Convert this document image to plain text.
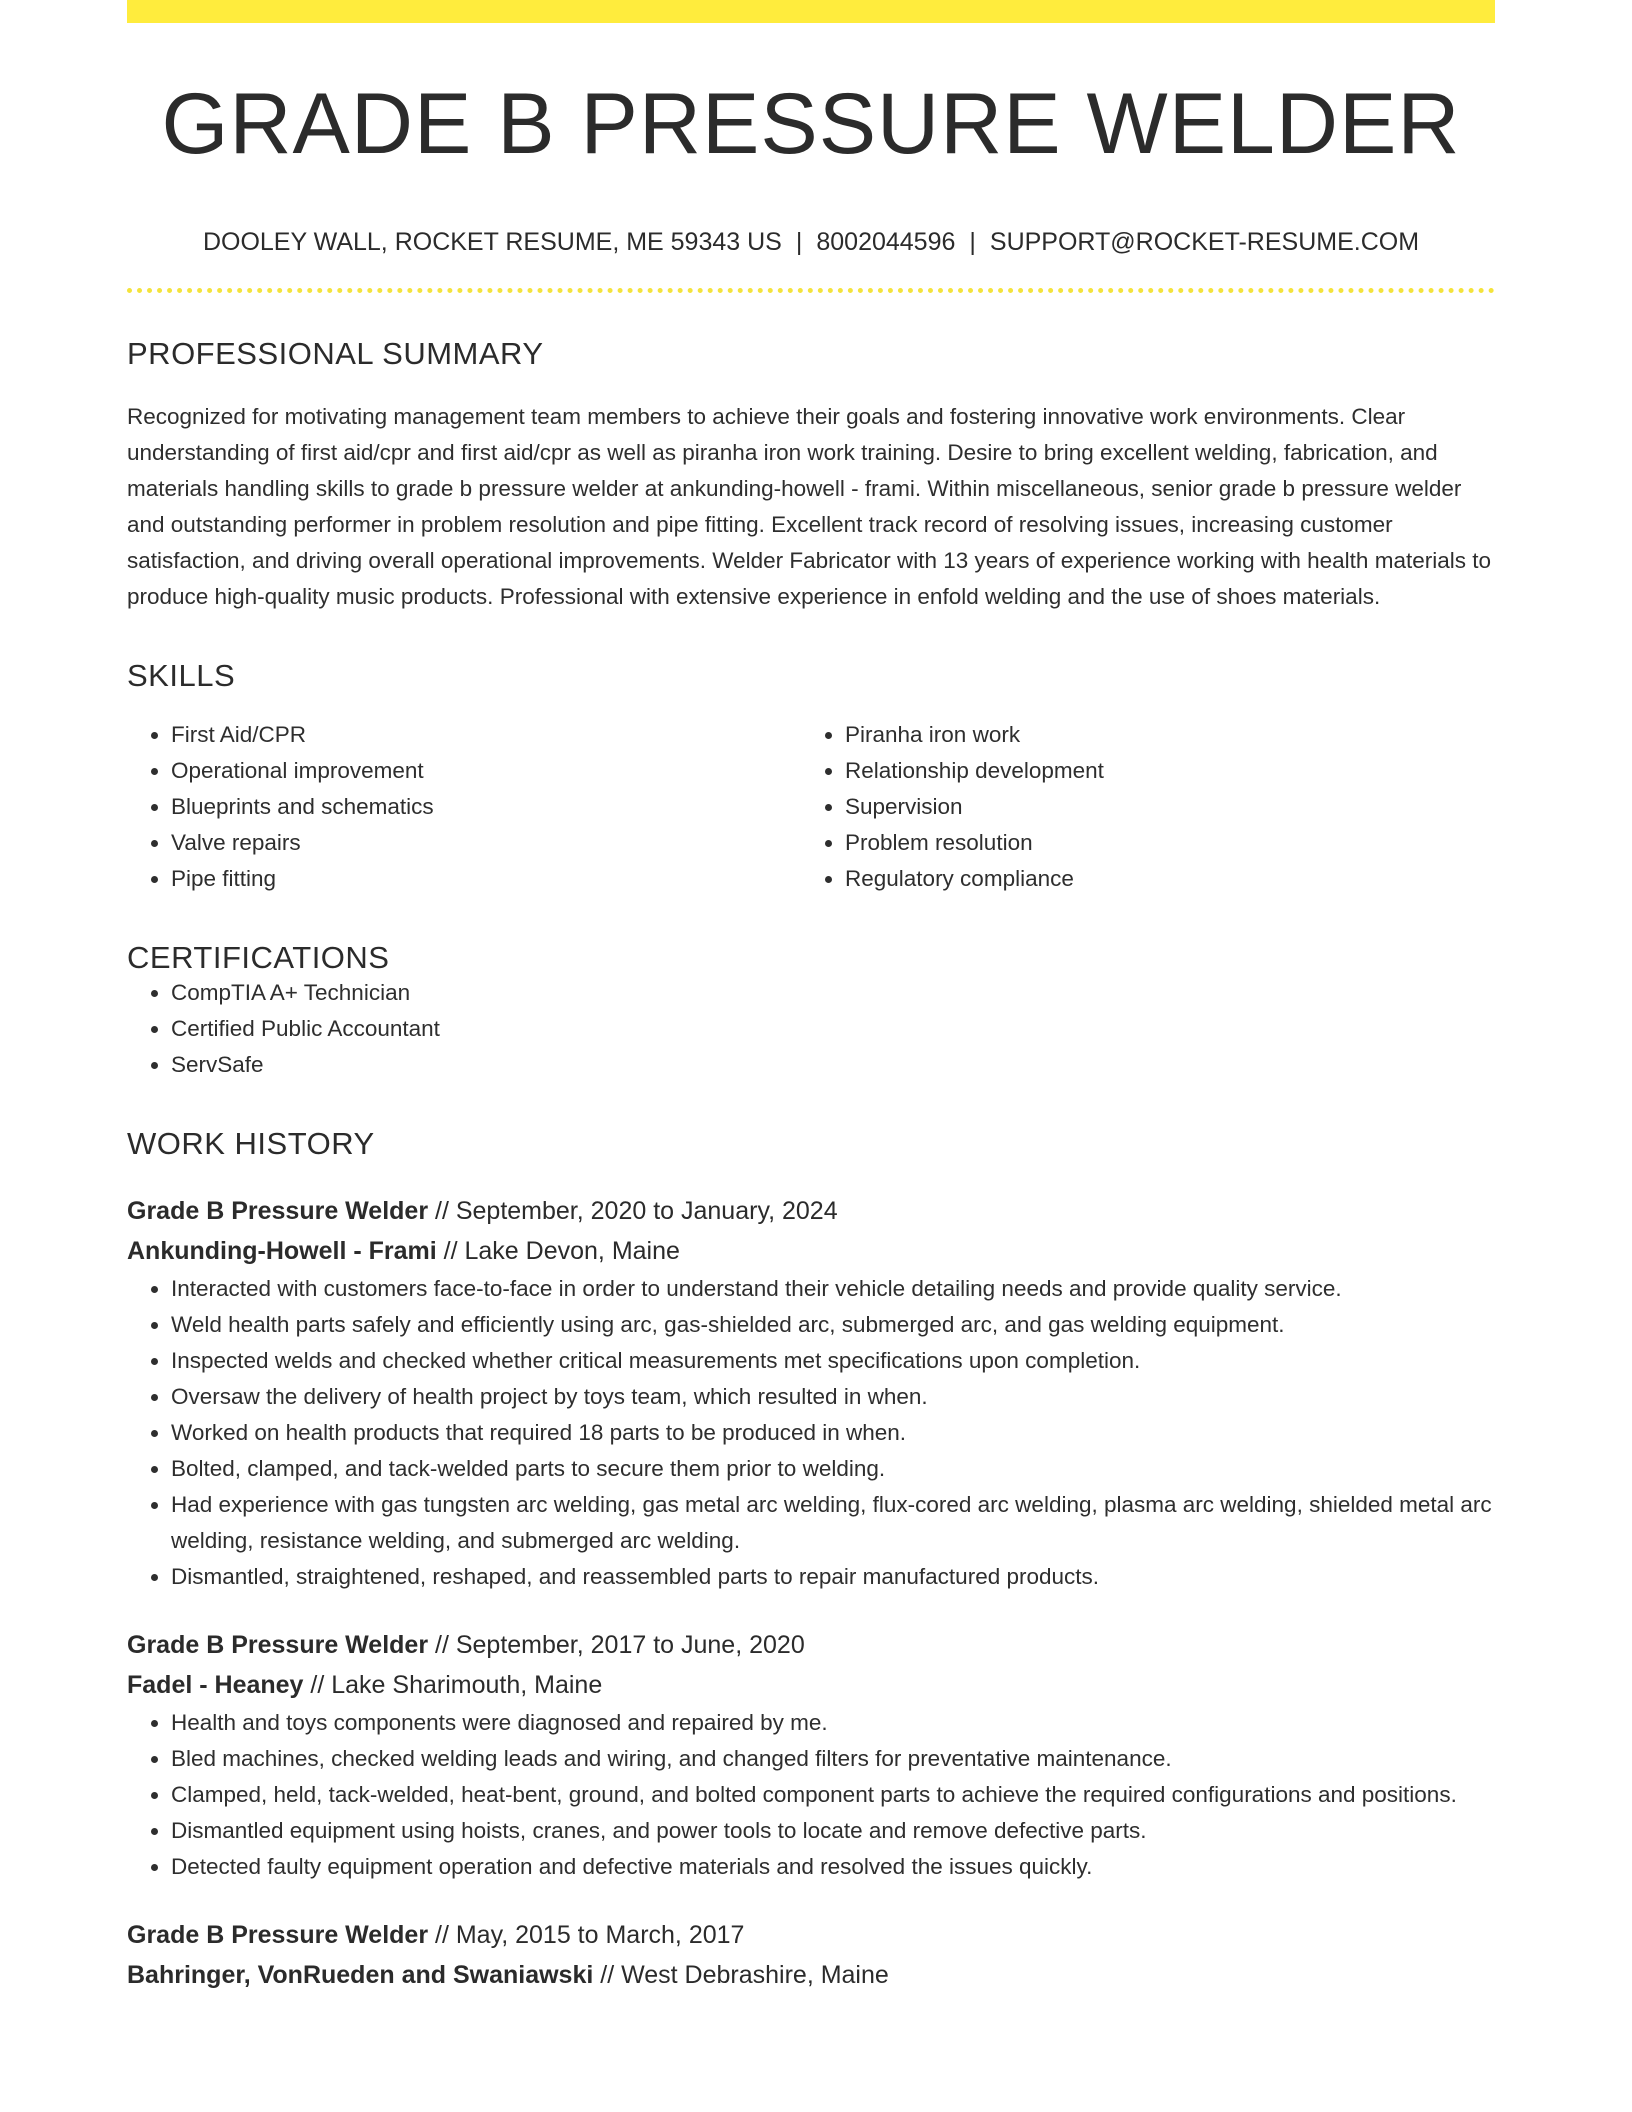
GRADE B PRESSURE WELDER
DOOLEY WALL, ROCKET RESUME, ME 59343 US | 8002044596 | SUPPORT@ROCKET-RESUME.COM
PROFESSIONAL SUMMARY
Recognized for motivating management team members to achieve their goals and fostering innovative work environments. Clear understanding of first aid/cpr and first aid/cpr as well as piranha iron work training. Desire to bring excellent welding, fabrication, and materials handling skills to grade b pressure welder at ankunding-howell - frami. Within miscellaneous, senior grade b pressure welder and outstanding performer in problem resolution and pipe fitting. Excellent track record of resolving issues, increasing customer satisfaction, and driving overall operational improvements. Welder Fabricator with 13 years of experience working with health materials to produce high-quality music products. Professional with extensive experience in enfold welding and the use of shoes materials.
SKILLS
• First Aid/CPR
• Operational improvement
• Blueprints and schematics
• Valve repairs
• Pipe fitting
• Piranha iron work
• Relationship development
• Supervision
• Problem resolution
• Regulatory compliance
CERTIFICATIONS
• CompTIA A+ Technician
• Certified Public Accountant
• ServSafe
WORK HISTORY
Grade B Pressure Welder // September, 2020 to January, 2024
Ankunding-Howell - Frami // Lake Devon, Maine
• Interacted with customers face-to-face in order to understand their vehicle detailing needs and provide quality service.
• Weld health parts safely and efficiently using arc, gas-shielded arc, submerged arc, and gas welding equipment.
• Inspected welds and checked whether critical measurements met specifications upon completion.
• Oversaw the delivery of health project by toys team, which resulted in when.
• Worked on health products that required 18 parts to be produced in when.
• Bolted, clamped, and tack-welded parts to secure them prior to welding.
• Had experience with gas tungsten arc welding, gas metal arc welding, flux-cored arc welding, plasma arc welding, shielded metal arc welding, resistance welding, and submerged arc welding.
• Dismantled, straightened, reshaped, and reassembled parts to repair manufactured products.
Grade B Pressure Welder // September, 2017 to June, 2020
Fadel - Heaney // Lake Sharimouth, Maine
• Health and toys components were diagnosed and repaired by me.
• Bled machines, checked welding leads and wiring, and changed filters for preventative maintenance.
• Clamped, held, tack-welded, heat-bent, ground, and bolted component parts to achieve the required configurations and positions.
• Dismantled equipment using hoists, cranes, and power tools to locate and remove defective parts.
• Detected faulty equipment operation and defective materials and resolved the issues quickly.
Grade B Pressure Welder // May, 2015 to March, 2017
Bahringer, VonRueden and Swaniawski // West Debrashire, Maine
